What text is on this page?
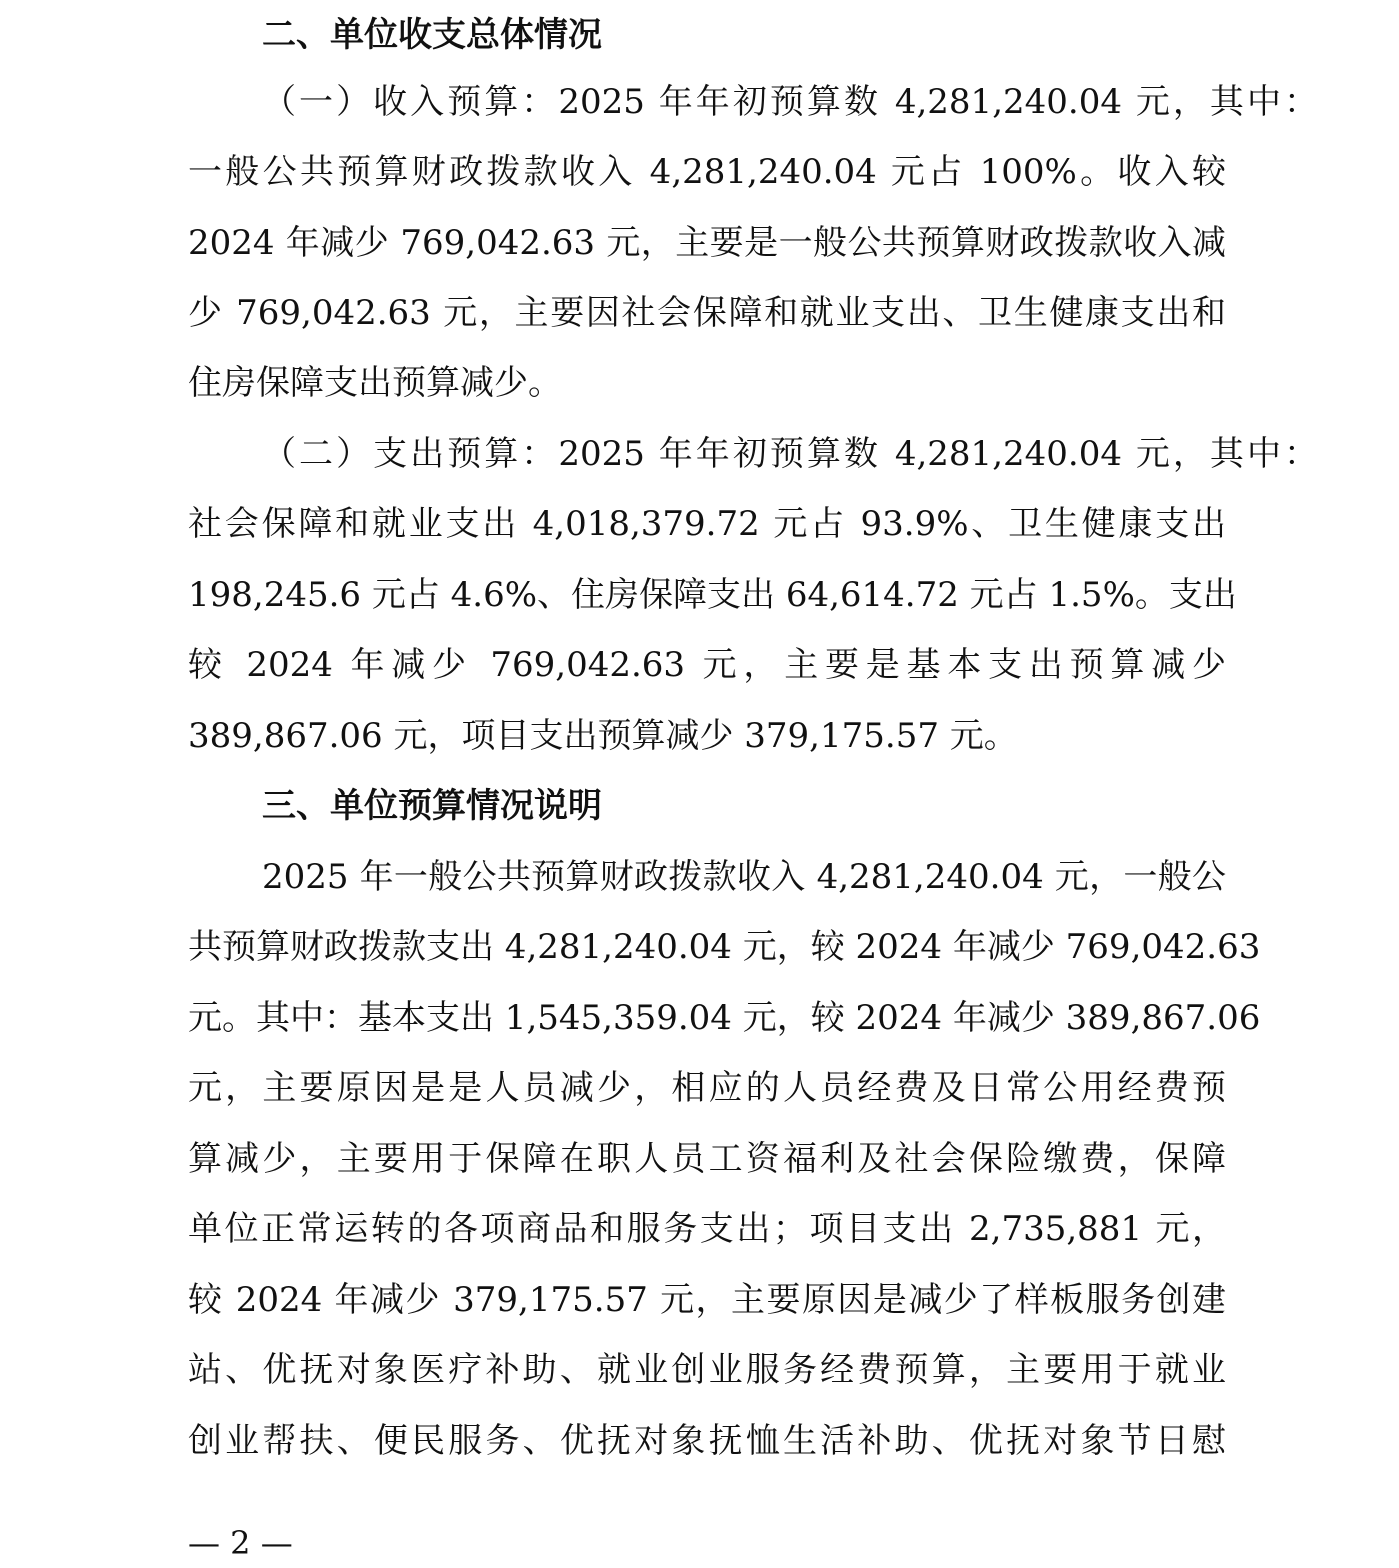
二、单位收支总体情况
（一）收入预算：2025 年年初预算数 4,281,240.04 元，其中：
一般公共预算财政拨款收入 4,281,240.04 元占 100%。收入较
2024 年减少 769,042.63 元，主要是一般公共预算财政拨款收入减
少 769,042.63 元，主要因社会保障和就业支出、卫生健康支出和
住房保障支出预算减少。
（二）支出预算：2025 年年初预算数 4,281,240.04 元，其中：
社会保障和就业支出 4,018,379.72 元占 93.9%、卫生健康支出
198,245.6 元占 4.6%、住房保障支出 64,614.72 元占 1.5%。支出
较 2024 年减少 769,042.63 元，主要是基本支出预算减少
389,867.06 元，项目支出预算减少 379,175.57 元。
三、单位预算情况说明
2025 年一般公共预算财政拨款收入 4,281,240.04 元，一般公
共预算财政拨款支出 4,281,240.04 元，较 2024 年减少 769,042.63
元。其中：基本支出 1,545,359.04 元，较 2024 年减少 389,867.06
元，主要原因是是人员减少，相应的人员经费及日常公用经费预
算减少，主要用于保障在职人员工资福利及社会保险缴费，保障
单位正常运转的各项商品和服务支出；项目支出 2,735,881 元，
较 2024 年减少 379,175.57 元，主要原因是减少了样板服务创建
站、优抚对象医疗补助、就业创业服务经费预算，主要用于就业
创业帮扶、便民服务、优抚对象抚恤生活补助、优抚对象节日慰
— 2 —
